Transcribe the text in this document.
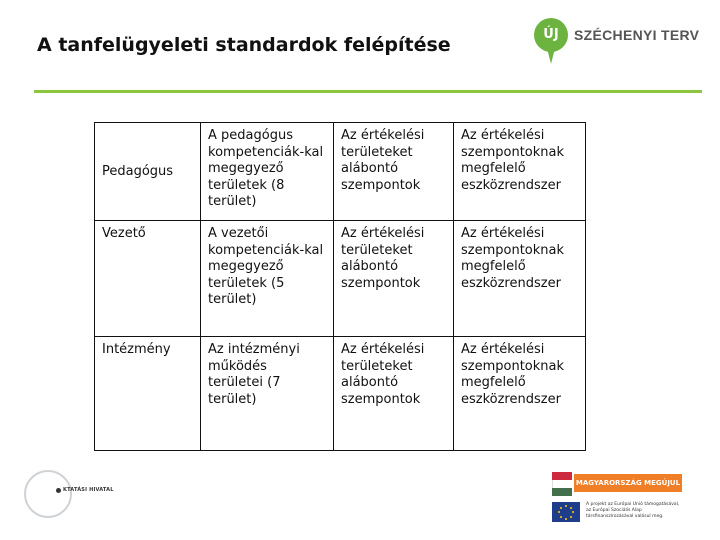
A tanfelügyeleti standardok felépítése	ÚJ	SZÉCHENYI TERV
Pedagógus	A pedagógus kompetenciák-kal megegyező területek (8 terület)	Az értékelési területeket alábontó szempontok	Az értékelési szempontoknak megfelelő eszközrendszer
Vezető	A vezetői kompetenciák-kal megegyező területek (5 terület)	Az értékelési területeket alábontó szempontok	Az értékelési szempontoknak megfelelő eszközrendszer
Intézmény	Az intézményi működés területei (7 terület)	Az értékelési területeket alábontó szempontok	Az értékelési szempontoknak megfelelő eszközrendszer
KTATÁSI HIVATAL
MAGYARORSZÁG MEGÚJUL
A projekt az Európai Unió támogatásával, az Európai Szociális Alap társfinanszírozásával valósul meg.
